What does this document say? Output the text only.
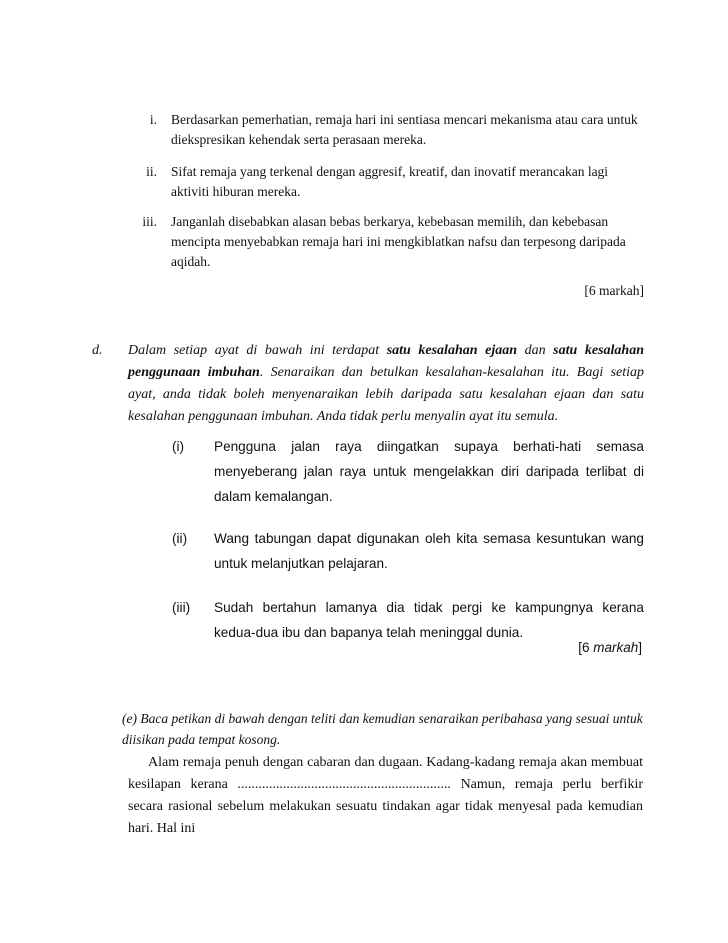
i. Berdasarkan pemerhatian, remaja hari ini sentiasa mencari mekanisma atau cara untuk diekspresikan kehendak serta perasaan mereka.
ii. Sifat remaja yang terkenal dengan aggresif, kreatif, dan inovatif merancakan lagi aktiviti hiburan mereka.
iii. Janganlah disebabkan alasan bebas berkarya, kebebasan memilih, dan kebebasan mencipta menyebabkan remaja hari ini mengkiblatkan nafsu dan terpesong daripada aqidah.
[6 markah]
d. Dalam setiap ayat di bawah ini terdapat satu kesalahan ejaan dan satu kesalahan penggunaan imbuhan. Senaraikan dan betulkan kesalahan-kesalahan itu. Bagi setiap ayat, anda tidak boleh menyenaraikan lebih daripada satu kesalahan ejaan dan satu kesalahan penggunaan imbuhan. Anda tidak perlu menyalin ayat itu semula.
(i) Pengguna jalan raya diingatkan supaya berhati-hati semasa menyeberang jalan raya untuk mengelakkan diri daripada terlibat di dalam kemalangan.
(ii) Wang tabungan dapat digunakan oleh kita semasa kesuntukan wang untuk melanjutkan pelajaran.
(iii) Sudah bertahun lamanya dia tidak pergi ke kampungnya kerana kedua-dua ibu dan bapanya telah meninggal dunia.
[6 markah]
(e) Baca petikan di bawah dengan teliti dan kemudian senaraikan peribahasa yang sesuai untuk diisikan pada tempat kosong.
Alam remaja penuh dengan cabaran dan dugaan. Kadang-kadang remaja akan membuat kesilapan kerana ............................................................. Namun, remaja perlu berfikir secara rasional sebelum melakukan sesuatu tindakan agar tidak menyesal pada kemudian hari. Hal ini
